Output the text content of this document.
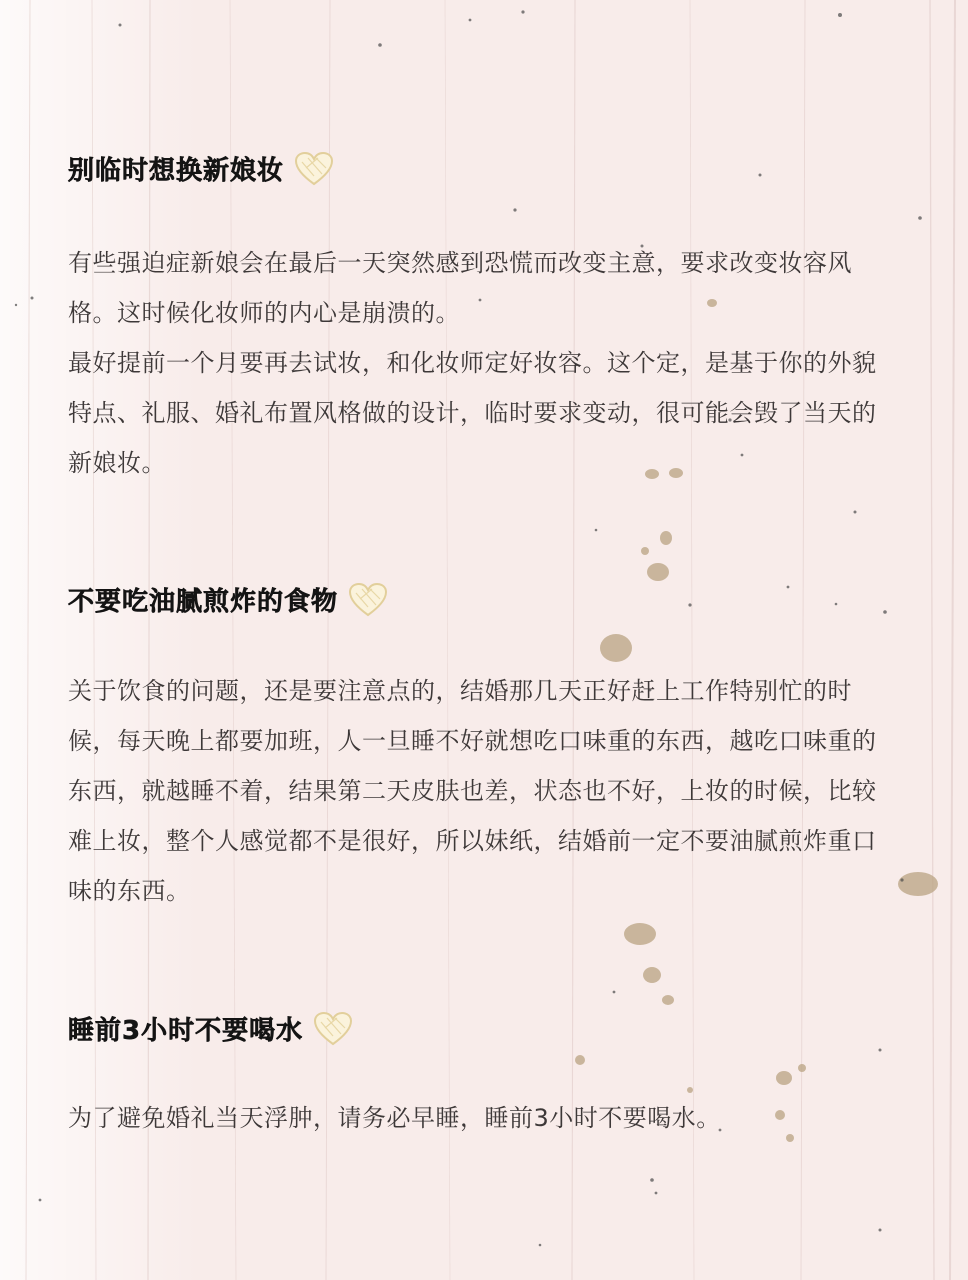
别临时想换新娘妆

有些强迫症新娘会在最后一天突然感到恐慌而改变主意，要求改变妆容风格。这时候化妆师的内心是崩溃的。

最好提前一个月要再去试妆，和化妆师定好妆容。这个定，是基于你的外貌特点、礼服、婚礼布置风格做的设计，临时要求变动，很可能会毁了当天的新娘妆。

不要吃油腻煎炸的食物

关于饮食的问题，还是要注意点的，结婚那几天正好赶上工作特别忙的时候，每天晚上都要加班，人一旦睡不好就想吃口味重的东西，越吃口味重的东西，就越睡不着，结果第二天皮肤也差，状态也不好，上妆的时候，比较难上妆，整个人感觉都不是很好，所以妹纸，结婚前一定不要油腻煎炸重口味的东西。

睡前3小时不要喝水

为了避免婚礼当天浮肿，请务必早睡，睡前3小时不要喝水。
